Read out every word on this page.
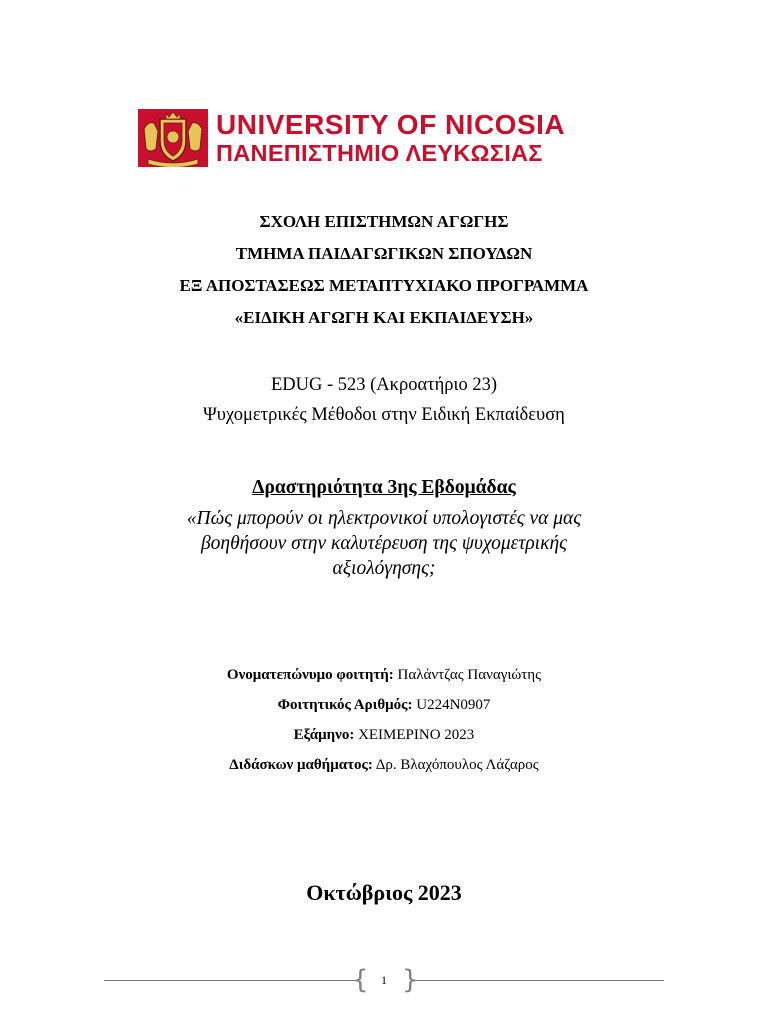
UNIVERSITY OF NICOSIA
ΠΑΝΕΠΙΣΤΗΜΙΟ ΛΕΥΚΩΣΙΑΣ
ΣΧΟΛΗ ΕΠΙΣΤΗΜΩΝ ΑΓΩΓΗΣ
ΤΜΗΜΑ ΠΑΙΔΑΓΩΓΙΚΩΝ ΣΠΟΥΔΩΝ
ΕΞ ΑΠΟΣΤΑΣΕΩΣ ΜΕΤΑΠΤΥΧΙΑΚΟ ΠΡΟΓΡΑΜΜΑ
«ΕΙΔΙΚΗ ΑΓΩΓΗ ΚΑΙ ΕΚΠΑΙΔΕΥΣΗ»
EDUG - 523 (Ακροατήριο 23)
Ψυχομετρικές Μέθοδοι στην Ειδική Εκπαίδευση
Δραστηριότητα 3ης Εβδομάδας
«Πώς μπορούν οι ηλεκτρονικοί υπολογιστές να μας βοηθήσουν στην καλυτέρευση της ψυχομετρικής αξιολόγησης;
Ονοματεπώνυμο φοιτητή: Παλάντζας Παναγιώτης
Φοιτητικός Αριθμός: U224N0907
Εξάμηνο: ΧΕΙΜΕΡΙΝΟ 2023
Διδάσκων μαθήματος: Δρ. Βλαχόπουλος Λάζαρος
Οκτώβριος 2023
{ }
1
